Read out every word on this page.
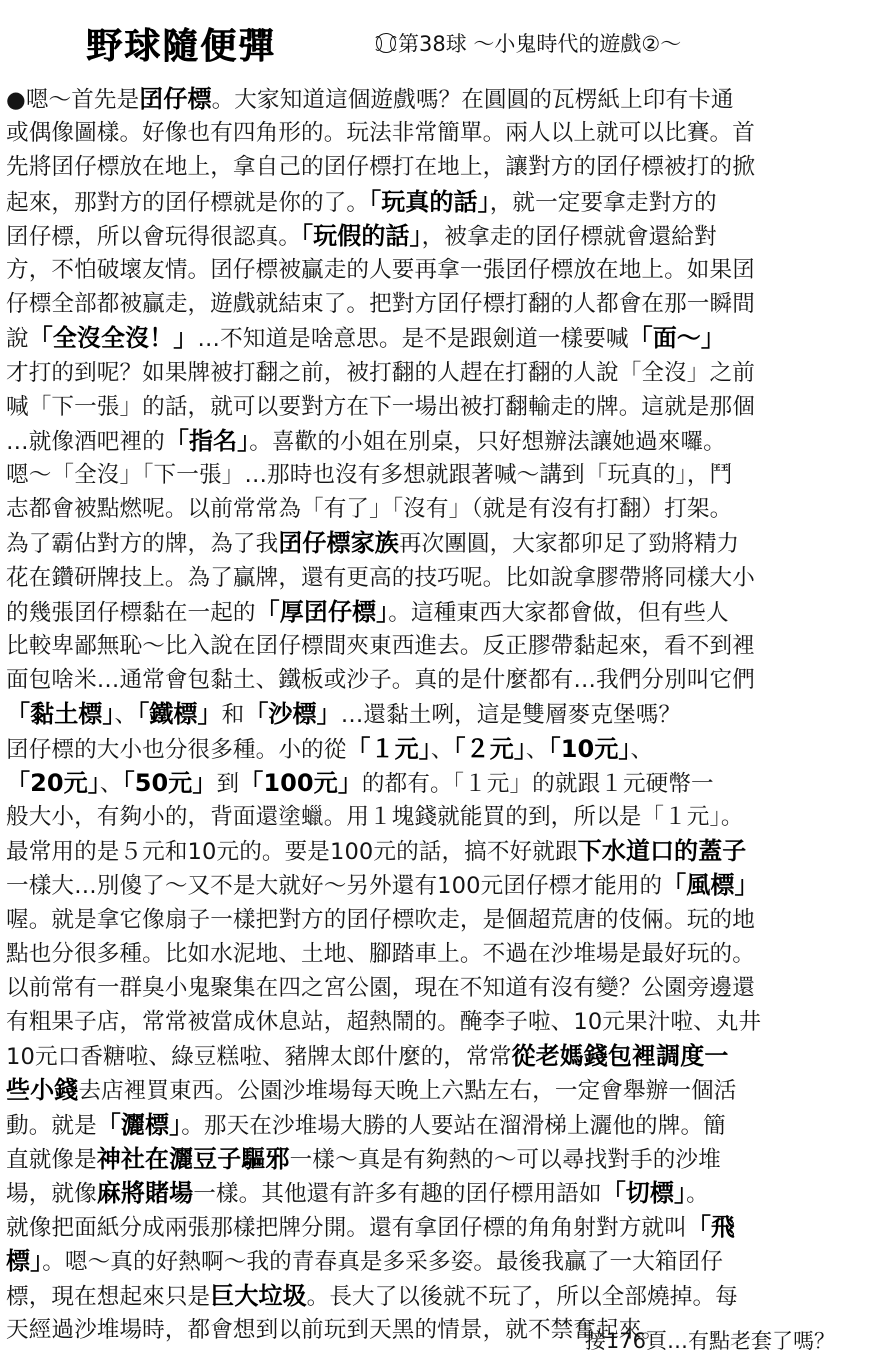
野球隨便彈	第38球 ～小鬼時代的遊戲②～
●嗯～首先是囝仔標。大家知道這個遊戲嗎？在圓圓的瓦楞紙上印有卡通
或偶像圖樣。好像也有四角形的。玩法非常簡單。兩人以上就可以比賽。首
先將囝仔標放在地上，拿自己的囝仔標打在地上，讓對方的囝仔標被打的掀
起來，那對方的囝仔標就是你的了。「玩真的話」，就一定要拿走對方的
囝仔標，所以會玩得很認真。「玩假的話」，被拿走的囝仔標就會還給對
方，不怕破壞友情。囝仔標被贏走的人要再拿一張囝仔標放在地上。如果囝
仔標全部都被贏走，遊戲就結束了。把對方囝仔標打翻的人都會在那一瞬間
說「全沒全沒！」…不知道是啥意思。是不是跟劍道一樣要喊「面～」
才打的到呢？如果牌被打翻之前，被打翻的人趕在打翻的人說「全沒」之前
喊「下一張」的話，就可以要對方在下一場出被打翻輸走的牌。這就是那個
…就像酒吧裡的「指名」。喜歡的小姐在別桌，只好想辦法讓她過來囉。
嗯～「全沒」「下一張」…那時也沒有多想就跟著喊～講到「玩真的」，鬥
志都會被點燃呢。以前常常為「有了」「沒有」（就是有沒有打翻）打架。
為了霸佔對方的牌，為了我囝仔標家族再次團圓，大家都卯足了勁將精力
花在鑽研牌技上。為了贏牌，還有更高的技巧呢。比如說拿膠帶將同樣大小
的幾張囝仔標黏在一起的「厚囝仔標」。這種東西大家都會做，但有些人
比較卑鄙無恥～比入說在囝仔標間夾東西進去。反正膠帶黏起來，看不到裡
面包啥米…通常會包黏土、鐵板或沙子。真的是什麼都有…我們分別叫它們
「黏土標」、「鐵標」和「沙標」…還黏土咧，這是雙層麥克堡嗎？
囝仔標的大小也分很多種。小的從「１元」、「２元」、「10元」、
「20元」、「50元」到「100元」的都有。「１元」的就跟１元硬幣一
般大小，有夠小的，背面還塗蠟。用１塊錢就能買的到，所以是「１元」。
最常用的是５元和10元的。要是100元的話，搞不好就跟下水道口的蓋子
一樣大…別傻了～又不是大就好～另外還有100元囝仔標才能用的「風標」
喔。就是拿它像扇子一樣把對方的囝仔標吹走，是個超荒唐的伎倆。玩的地
點也分很多種。比如水泥地、土地、腳踏車上。不過在沙堆場是最好玩的。
以前常有一群臭小鬼聚集在四之宮公園，現在不知道有沒有變？公園旁邊還
有粗果子店，常常被當成休息站，超熱鬧的。醃李子啦、10元果汁啦、丸井
10元口香糖啦、綠豆糕啦、豬牌太郎什麼的，常常從老媽錢包裡調度一
些小錢去店裡買東西。公園沙堆場每天晚上六點左右，一定會舉辦一個活
動。就是「灑標」。那天在沙堆場大勝的人要站在溜滑梯上灑他的牌。簡
直就像是神社在灑豆子驅邪一樣～真是有夠熱的～可以尋找對手的沙堆
場，就像麻將賭場一樣。其他還有許多有趣的囝仔標用語如「切標」。
就像把面紙分成兩張那樣把牌分開。還有拿囝仔標的角角射對方就叫「飛
標」。嗯～真的好熱啊～我的青春真是多采多姿。最後我贏了一大箱囝仔
標，現在想起來只是巨大垃圾。長大了以後就不玩了，所以全部燒掉。每
天經過沙堆場時，都會想到以前玩到天黑的情景，就不禁奮起來。
接176頁…有點老套了嗎？
